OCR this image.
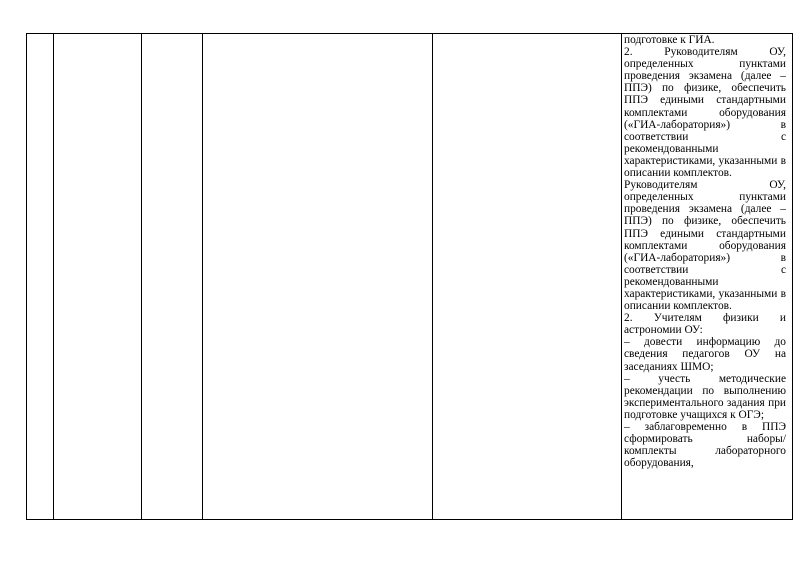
подготовке к ГИА.

2. Руководителям ОУ, определенных пунктами проведения экзамена (далее – ППЭ) по физике, обеспечить ППЭ едиными стандартными комплектами оборудования («ГИА-лаборатория») в соответствии с рекомендованными характеристиками, указанными в описании комплектов.

Руководителям ОУ, определенных пунктами проведения экзамена (далее – ППЭ) по физике, обеспечить ППЭ едиными стандартными комплектами оборудования («ГИА-лаборатория») в соответствии с рекомендованными характеристиками, указанными в описании комплектов.

2. Учителям физики и астрономии ОУ:

– довести информацию до сведения педагогов ОУ на заседаниях ШМО;

– учесть методические рекомендации по выполнению экспериментального задания при подготовке учащихся к ОГЭ;

– заблаговременно в ППЭ сформировать наборы/комплекты лабораторного оборудования,
